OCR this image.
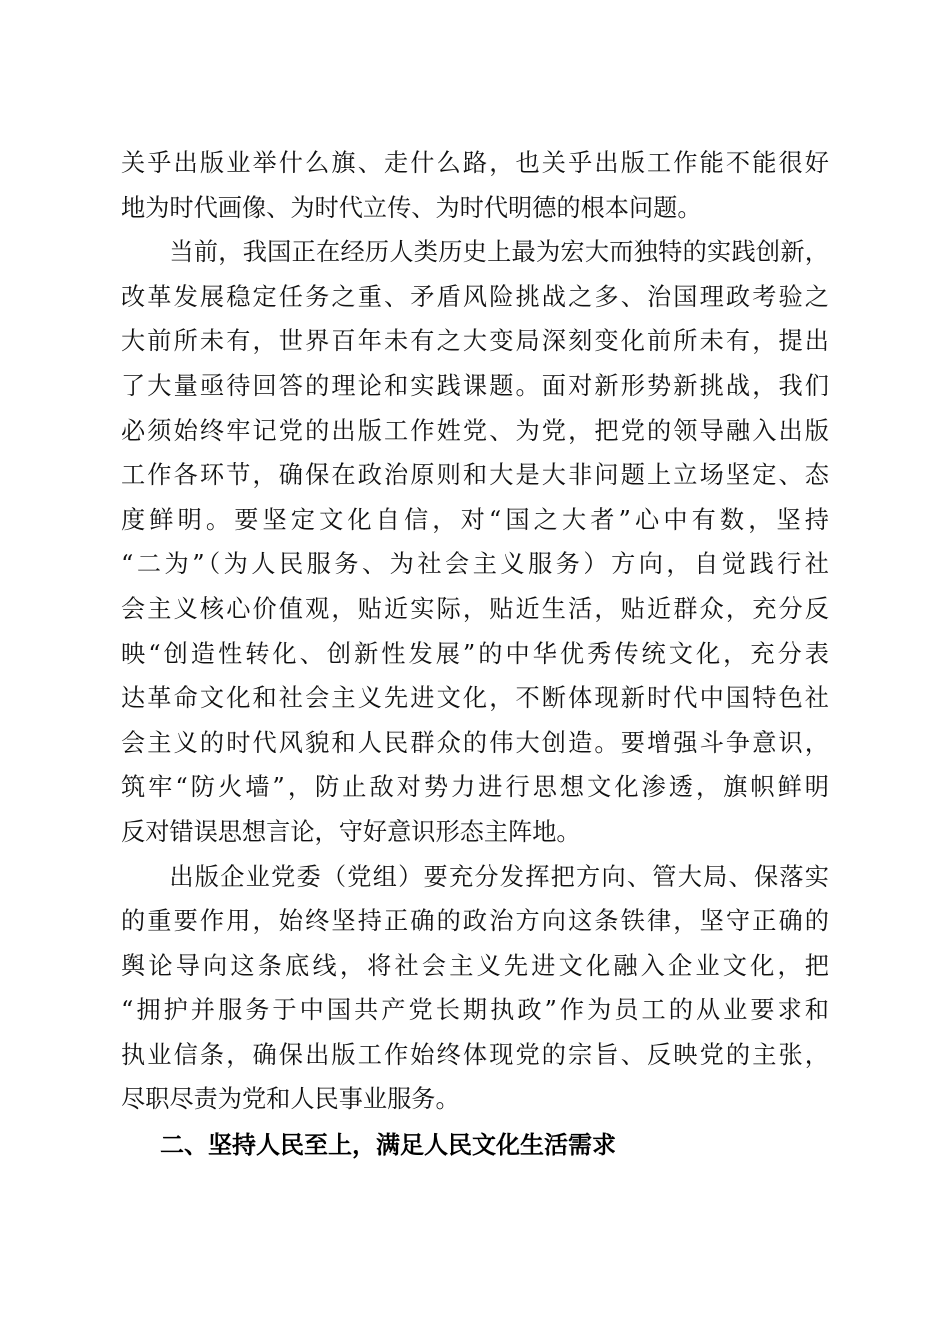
关乎出版业举什么旗、走什么路，也关乎出版工作能不能很好
地为时代画像、为时代立传、为时代明德的根本问题。
当前，我国正在经历人类历史上最为宏大而独特的实践创新，
改革发展稳定任务之重、矛盾风险挑战之多、治国理政考验之
大前所未有，世界百年未有之大变局深刻变化前所未有，提出
了大量亟待回答的理论和实践课题。面对新形势新挑战，我们
必须始终牢记党的出版工作姓党、为党，把党的领导融入出版
工作各环节，确保在政治原则和大是大非问题上立场坚定、态
度鲜明。要坚定文化自信，对“国之大者”心中有数，坚持
“二为”（为人民服务、为社会主义服务）方向，自觉践行社
会主义核心价值观，贴近实际，贴近生活，贴近群众，充分反
映“创造性转化、创新性发展”的中华优秀传统文化，充分表
达革命文化和社会主义先进文化，不断体现新时代中国特色社
会主义的时代风貌和人民群众的伟大创造。要增强斗争意识，
筑牢“防火墙”，防止敌对势力进行思想文化渗透，旗帜鲜明
反对错误思想言论，守好意识形态主阵地。
出版企业党委（党组）要充分发挥把方向、管大局、保落实
的重要作用，始终坚持正确的政治方向这条铁律，坚守正确的
舆论导向这条底线，将社会主义先进文化融入企业文化，把
“拥护并服务于中国共产党长期执政”作为员工的从业要求和
执业信条，确保出版工作始终体现党的宗旨、反映党的主张，
尽职尽责为党和人民事业服务。
二、坚持人民至上，满足人民文化生活需求
